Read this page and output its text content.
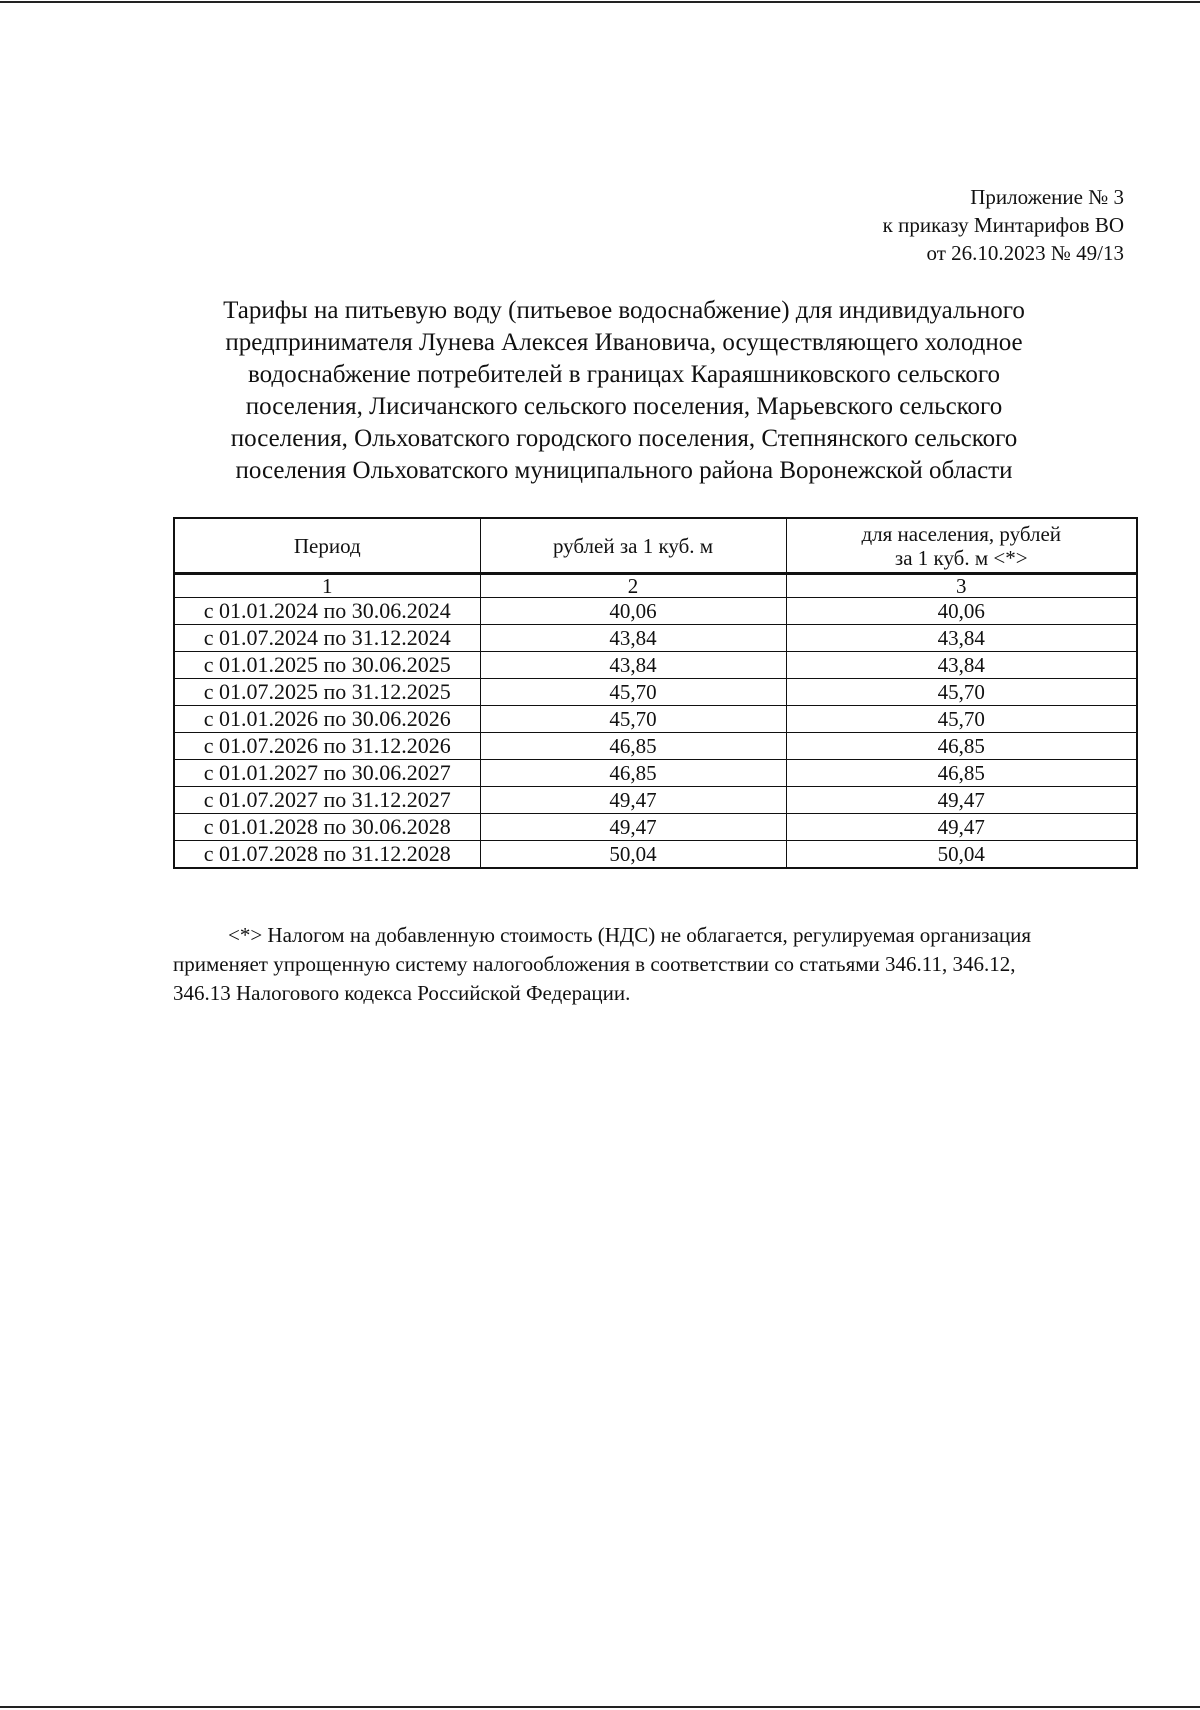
Приложение № 3
к приказу Минтарифов ВО
от 26.10.2023 № 49/13
Тарифы на питьевую воду (питьевое водоснабжение) для индивидуального
предпринимателя Лунева Алексея Ивановича, осуществляющего холодное
водоснабжение потребителей в границах Караяшниковского сельского
поселения, Лисичанского сельского поселения, Марьевского сельского
поселения, Ольховатского городского поселения, Степнянского сельского
поселения Ольховатского муниципального района Воронежской области
Период	рублей за 1 куб. м	для населения, рублей
за 1 куб. м <*>

1	2	3
с 01.01.2024 по 30.06.2024	40,06	40,06
с 01.07.2024 по 31.12.2024	43,84	43,84
с 01.01.2025 по 30.06.2025	43,84	43,84
с 01.07.2025 по 31.12.2025	45,70	45,70
с 01.01.2026 по 30.06.2026	45,70	45,70
с 01.07.2026 по 31.12.2026	46,85	46,85
с 01.01.2027 по 30.06.2027	46,85	46,85
с 01.07.2027 по 31.12.2027	49,47	49,47
с 01.01.2028 по 30.06.2028	49,47	49,47
с 01.07.2028 по 31.12.2028	50,04	50,04
<*> Налогом на добавленную стоимость (НДС) не облагается, регулируемая организация
применяет упрощенную систему налогообложения в соответствии со статьями 346.11, 346.12,
346.13 Налогового кодекса Российской Федерации.
